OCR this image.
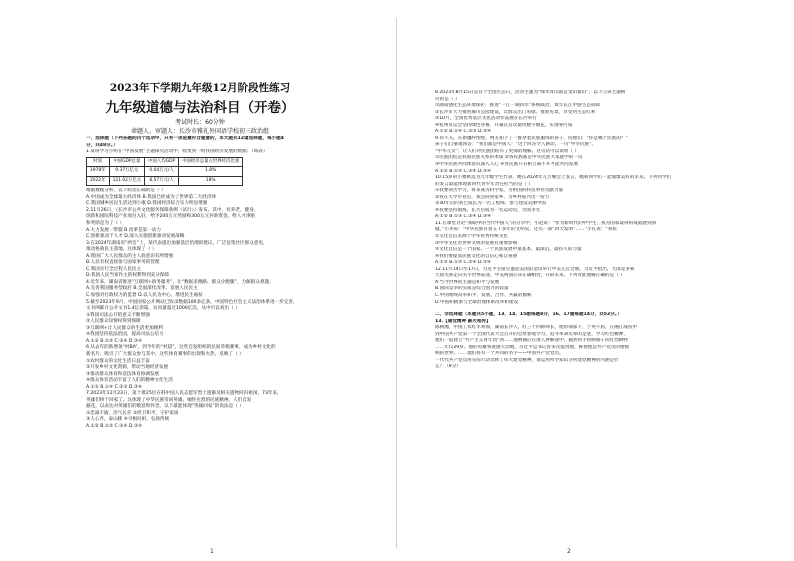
2023年下学期九年级12月阶段性练习
九年级道德与法治科目（开卷）
考试时长：60分钟
命题人、审题人：长沙市雅礼外国语学校初三政治组
一、选择题（下列各题的四个选项中，只有一项是最符合题意的，本大题共12道选择题，每小题4
分，共48分。）
1.某班学习小组在“中国发展”主题探究活动中，收集到一组我国经济发展的数据：（如表）
时间	中国GDP总量	中国人均GDP	中国经济总量占世界经济比重
1978年	0.37万亿元	0.04万元/人	1.8%
2022年	121.02万亿元	8.57万元/人	18%
根据数据分析，以下结论正确的是（ ）
A.中国成为全球最大经济体 B.我国已经成为了世界第二大经济体
C.我国城乡居民生活达到小康 D.我国经济综合实力明显增强
2.11月26日，《长沙市公共文化服务保障条例（试行）》发布。其中，对养老、健身、
创新和国际科技产业项目入驻，给予200万元奖励和300万元补助资金。给人才津贴
和奖励是为了（ ）
A.大力发展一带服 B.改革是第一动力
C.创新驱动于人才 D.深入实施创新驱动发展战略
3.在2024年湖南省“两会”上，某代表提出加强基层治理的建议，广泛征集社区群众意见，
推动协商民主落地。这体现了（ ）
A.我国广大人民群众的主人翁意识有所增强
B.人民有权直接参与国家事务的管理
C.我国实行全过程人民民主
D.我国人民当家作主的权利得到充分保障
4.近年来，湖南省推进“互联网+政务服务”，让“数据多跑路、群众少跑腿”，力解群众难题。
A.完善我国服务型政府 B.全面深化改革、发展人民民主
C.加强对行政权力的监督 D.以人民为中心、增进民生福祉
5.截至2023年9月，中国国家公开网站已收录数据100多亿条，中国特色社会主义法治体系进一步完善。
文书网累计公开文书1.4亿余篇，访问量超过1000亿次，从中可以看出（ ）
①我国司法公开的意义不断增强
②人民群众知情权得到保障
③互联网+让人民群众的生活更加便利
④我国坚持依法治国，提高司法公信力
A.①② B.①③ C.②④ D.③④
6.从去年的新增条“村BA”，到今年的“村超”，这些自发组织的民间草根赛事，成为乡村文化的
新名片，吸引了广大群众参与其中。这些体育赛事的出现和火热，反映了（ ）
①农村群众的文化生活日益丰富
②开发乡村文化资源，带动当地经济发展
③推动群众体育和竞技体育协调发展
④群众体育活动丰富了人们的精神文化生活
A.①② B.①④ C.②③ D.③④
7.2023年11月23日，第十批25位在韩中国人民志愿军烈士遗骸及相关遗物回归祖国，73年来，
英雄们终于回家了。这体现了中华民族崇尚英雄、缅怀先烈的民族精神，人们自发
献花，以表达对英雄们的敬意和怀念。以下最能体现“英雄回家”的说法是（ ）
①忠诚不渝，浩气长存 ②捍卫和平，守护家国
③人心齐，泰山移 ④寻根问祖，弘扬传统
A.①② B.①③ C.②④ D.③④
1
8.2023年8月15日是首个全国生态日，活动主题为“绿水青山就是金山银山”，以下与该主题相
符的是（ ）
①湖南强化生态环境保护，推进“一江一湖四水”系统联治，筑牢长江中游生态屏障
②长沙市大力推进城市公园建设，让群众出门见绿、推窗见景，享受到生态红利
③10月，全国优秀基层文化活动作品展在长沙举行
④杭州亚运会坚持绿色办赛，开幕式首次使用数字烟花，实现零污染
A.①② B.①④ C.②③ D.③④
9.你不入，在新疆呼图壁，网友拍下了一群穿着民族服饰的孩子，问他们：“你是哪个民族的？”
孩子们自豪地回答：“我们都是中国人！”这个回答令人感动，一句“中华民族”、
“中华儿女”，让人们对民族团结有了更深的理解。这句话可以说明（ ）
①民族团结是我国民族关系的本质 ②各民族都是中华民族大家庭中的一员
③中华民族共同体意识深入人心 ④各民族只有相互离不开才能共同发展
A.①② B.①③ C.②④ D.③④
10.15岁的小雅被选为九年级学生代表，她在2024年元旦晚会上发言，她和同学们一起憧憬美好的未来。下列同学们
的发言最能体现新时代青少年责任担当的是（ ）
①我要刻苦学习，将来成为科学家，为祖国的科技事业贡献力量
②我在大学毕业后，我会回到家乡，为乡村振兴出一份力
③30年后的我已成长为一名工程师，参与建设美丽中国
④我要坚持锻炼，长大后成为一名运动员，为国争光
A.①② B.①③ C.②④ D.③④
11.在课堂讨论“我眼中的当代中国人”的分享中，小赵说：“作为新时代的中学生，我为国家取得的成就感到骄
傲。”小李说：“中华民族有着五千多年的文明史，还有一部“四大发明”……”小孔说：“我希
①文化自信来源于中华优秀传统文化
②中华文化对世界文明的发展有重要影响
③文化自信是一个国家、一个民族发展中最基本、最深沉、最持久的力量
④我们要提高民族文化的自信心和自豪感
A.①② B.①③ C.②④ D.③④
12.11月14日至17日，习近平主席应邀赴美国旧金山举行中美元首会晤，习近平指出，大国竞争和
大国关系走向关乎世界前途，中美两国应该正确相处，开辟未来。下列对此理解正确的是（ ）
A.当今世界的主题是和平与发展
B.国际竞争的实质是综合国力的较量
C.中国始终高举和平、发展、合作、共赢的旗帜
D.中国积极参与全球治理体系改革和建设
二、非选择题（本题共5小题，13、14、15题每题8分，16、17题每题14分，共52分。）
13.【建党精神 薪火相传】
陈树湘，中国工农红军将领，湖南长沙人，红三十四师师长，他带领部下，宁死不屈，在湘江战役中
到中国共产党第一个全国代表大会召开的会址参观学习，追寻革命先辈的足迹，学习红色精神，
他们一道建立“共产主义青年团”到……他被捕后在敌人押解途中，毅然用手绞断肠子而壮烈牺牲
……年仅29岁。他的英雄事迹感天动地，习近平总书记曾多次提到他，称赞他是共产党员的楷模
响的世界。……他们将有一个共同的名字——中国共产党党员。
一代代共产党员用实际行动诠释了伟大建党精神，请运用所学知识分析建党精神的内涵是什
么？（8分）
2
